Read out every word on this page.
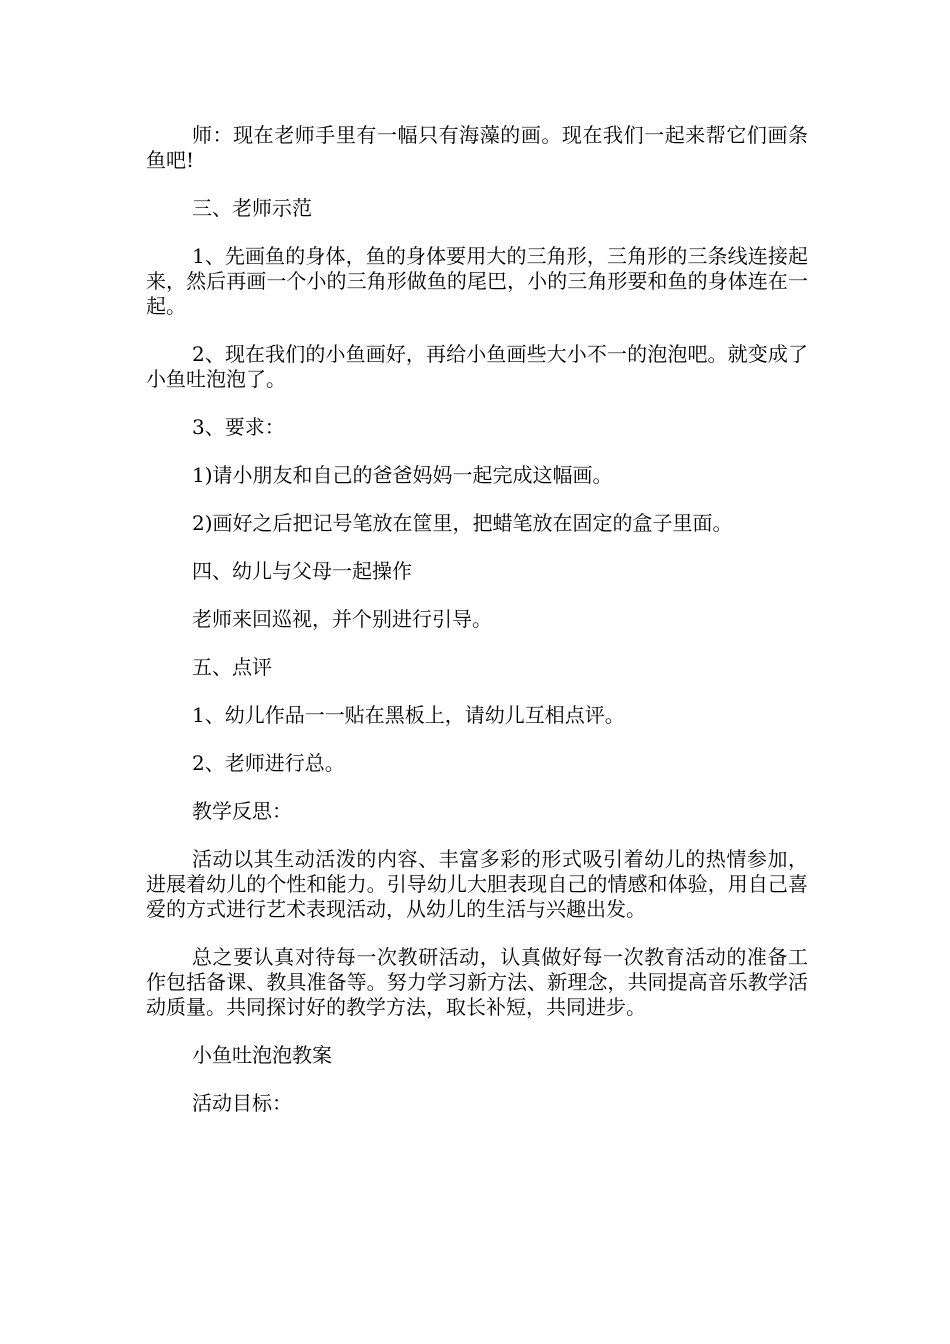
师：现在老师手里有一幅只有海藻的画。现在我们一起来帮它们画条鱼吧!

三、老师示范

1、先画鱼的身体，鱼的身体要用大的三角形，三角形的三条线连接起来，然后再画一个小的三角形做鱼的尾巴，小的三角形要和鱼的身体连在一起。

2、现在我们的小鱼画好，再给小鱼画些大小不一的泡泡吧。就变成了小鱼吐泡泡了。

3、要求：

1)请小朋友和自己的爸爸妈妈一起完成这幅画。

2)画好之后把记号笔放在筐里，把蜡笔放在固定的盒子里面。

四、幼儿与父母一起操作

老师来回巡视，并个别进行引导。

五、点评

1、幼儿作品一一贴在黑板上，请幼儿互相点评。

2、老师进行总。

教学反思：

活动以其生动活泼的内容、丰富多彩的形式吸引着幼儿的热情参加，进展着幼儿的个性和能力。引导幼儿大胆表现自己的情感和体验，用自己喜爱的方式进行艺术表现活动，从幼儿的生活与兴趣出发。

总之要认真对待每一次教研活动，认真做好每一次教育活动的准备工作包括备课、教具准备等。努力学习新方法、新理念，共同提高音乐教学活动质量。共同探讨好的教学方法，取长补短，共同进步。

小鱼吐泡泡教案

活动目标：
